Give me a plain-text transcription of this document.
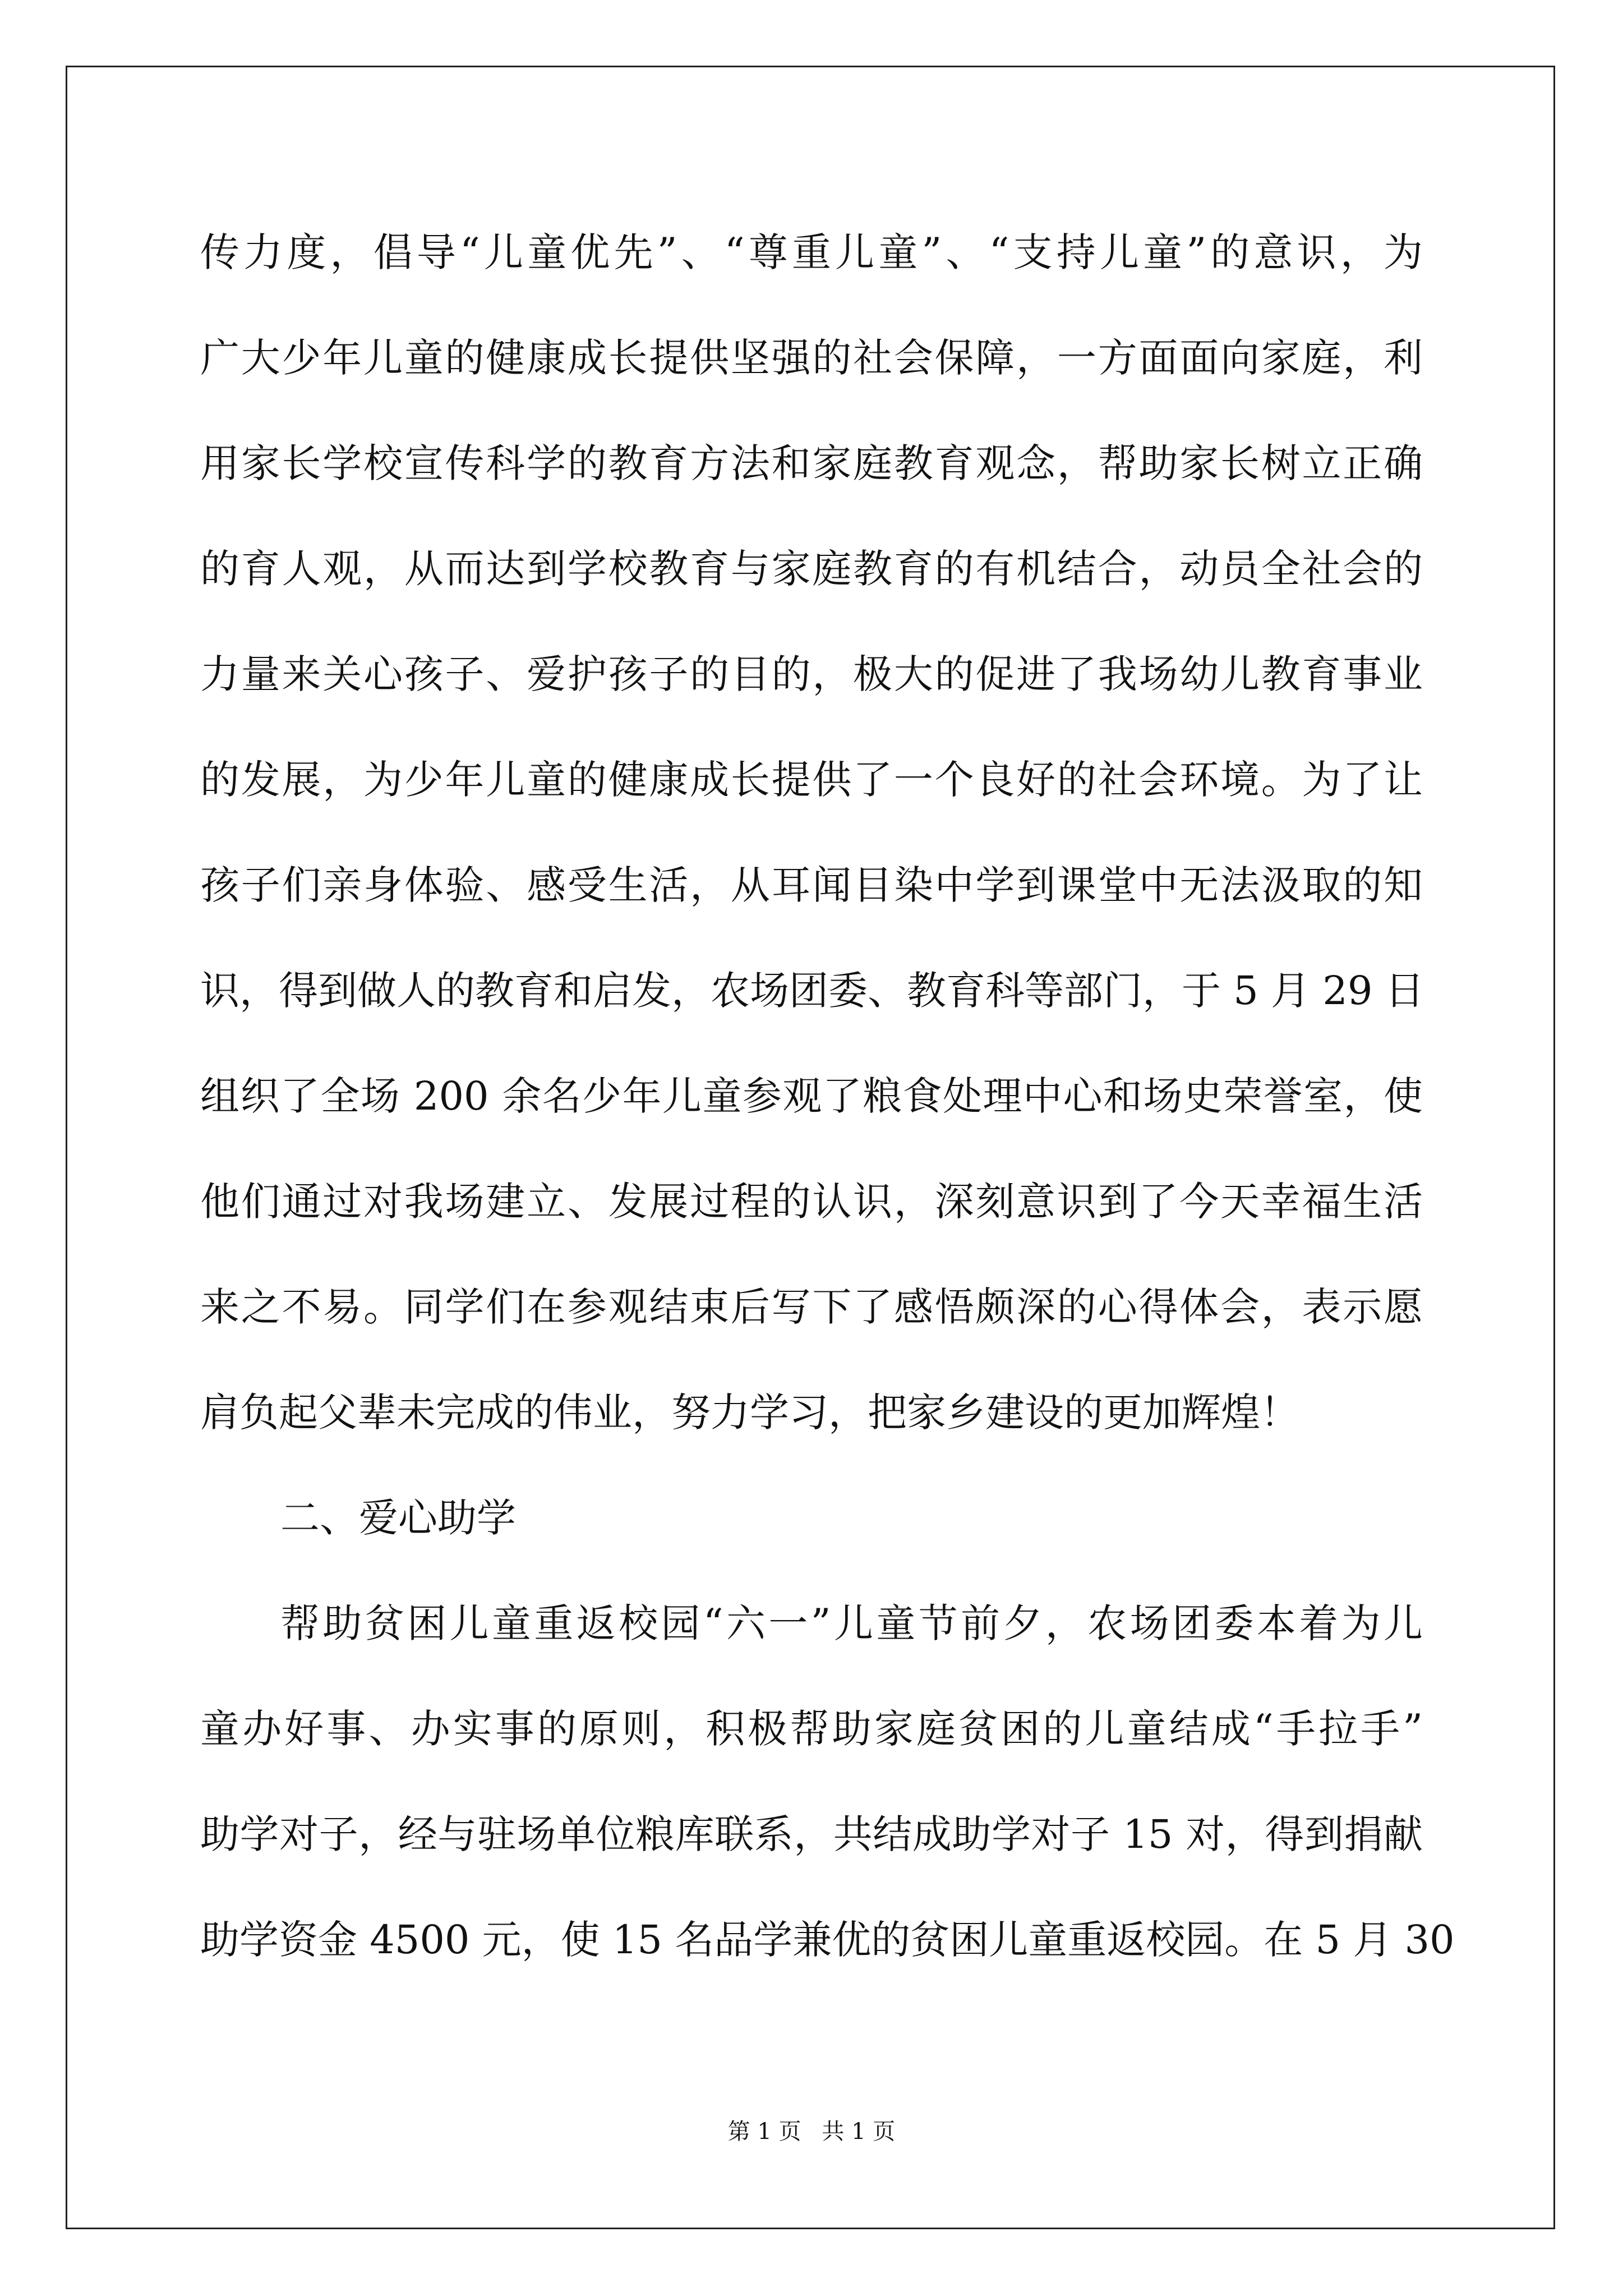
传力度，倡导“儿童优先”、“尊重儿童”、“支持儿童”的意识，为
广大少年儿童的健康成长提供坚强的社会保障，一方面面向家庭，利
用家长学校宣传科学的教育方法和家庭教育观念，帮助家长树立正确
的育人观，从而达到学校教育与家庭教育的有机结合，动员全社会的
力量来关心孩子、爱护孩子的目的，极大的促进了我场幼儿教育事业
的发展，为少年儿童的健康成长提供了一个良好的社会环境。为了让
孩子们亲身体验、感受生活，从耳闻目染中学到课堂中无法汲取的知
识，得到做人的教育和启发，农场团委、教育科等部门，于 5 月 29 日
组织了全场 200 余名少年儿童参观了粮食处理中心和场史荣誉室，使
他们通过对我场建立、发展过程的认识，深刻意识到了今天幸福生活
来之不易。同学们在参观结束后写下了感悟颇深的心得体会，表示愿
肩负起父辈未完成的伟业，努力学习，把家乡建设的更加辉煌！
二、爱心助学
帮助贫困儿童重返校园“六一”儿童节前夕，农场团委本着为儿
童办好事、办实事的原则，积极帮助家庭贫困的儿童结成“手拉手”
助学对子，经与驻场单位粮库联系，共结成助学对子 15 对，得到捐献
助学资金 4500 元，使 15 名品学兼优的贫困儿童重返校园。在 5 月 30
第 1 页 共 1 页
